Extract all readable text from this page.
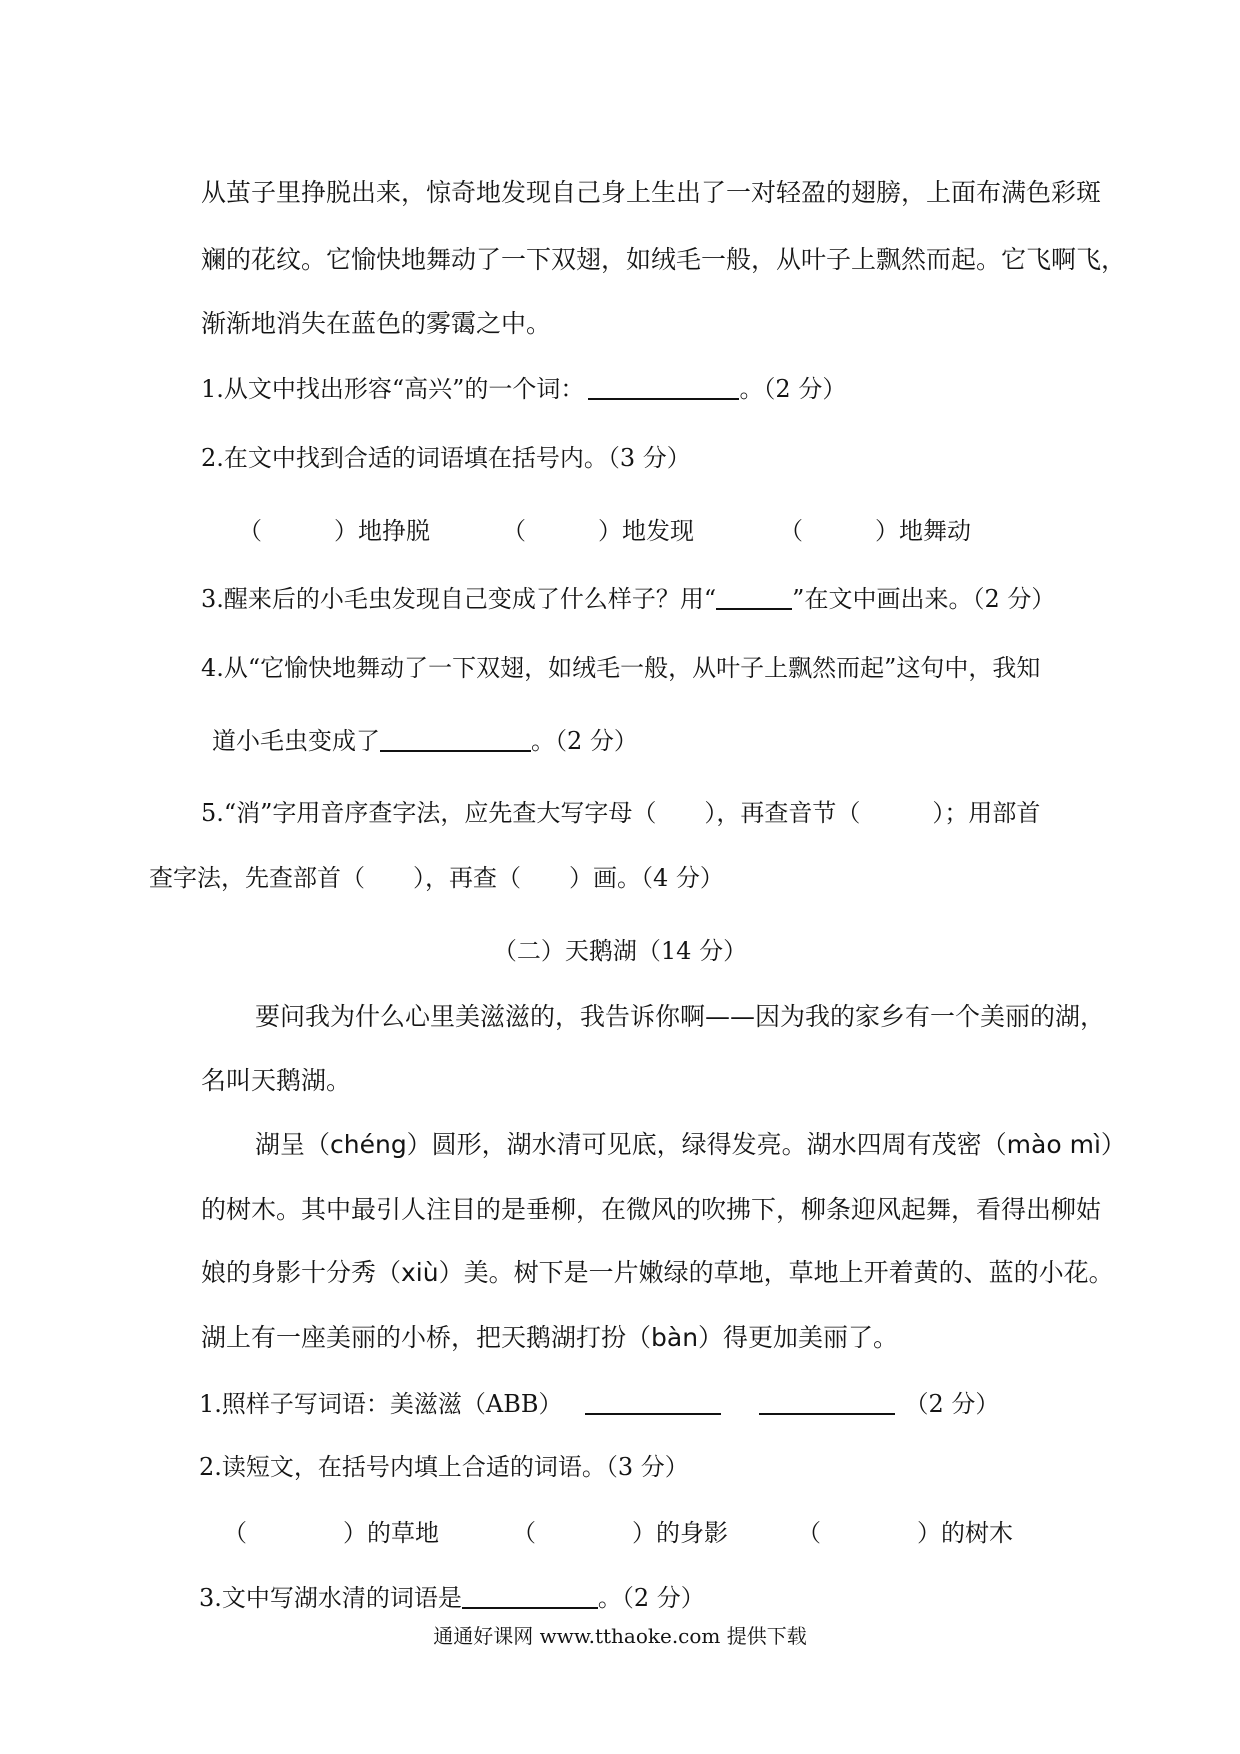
从茧子里挣脱出来，惊奇地发现自己身上生出了一对轻盈的翅膀，上面布满色彩斑
斓的花纹。它愉快地舞动了一下双翅，如绒毛一般，从叶子上飘然而起。它飞啊飞，
渐渐地消失在蓝色的雾霭之中。
1.从文中找出形容“高兴”的一个词：	。（2 分）
2.在文中找到合适的词语填在括号内。（3 分）
（　　　）地挣脱	（　　　）地发现	（　　　）地舞动
3.醒来后的小毛虫发现自己变成了什么样子？用“	”在文中画出来。（2 分）
4.从“它愉快地舞动了一下双翅，如绒毛一般，从叶子上飘然而起”这句中，我知
道小毛虫变成了	。（2 分）
5.“消”字用音序查字法，应先查大写字母（　　），再查音节（　　　）；用部首
查字法，先查部首（　　），再查（　　）画。（4 分）
（二）天鹅湖（14 分）
要问我为什么心里美滋滋的，我告诉你啊——因为我的家乡有一个美丽的湖，
名叫天鹅湖。
湖呈（chéng）圆形，湖水清可见底，绿得发亮。湖水四周有茂密（mào mì）
的树木。其中最引人注目的是垂柳，在微风的吹拂下，柳条迎风起舞，看得出柳姑
娘的身影十分秀（xiù）美。树下是一片嫩绿的草地，草地上开着黄的、蓝的小花。
湖上有一座美丽的小桥，把天鹅湖打扮（bàn）得更加美丽了。
1.照样子写词语：美滋滋（ABB）	（2 分）
2.读短文，在括号内填上合适的词语。（3 分）
（　　　　）的草地	（　　　　）的身影	（　　　　）的树木
3.文中写湖水清的词语是	。（2 分）
通通好课网 www.tthaoke.com 提供下载
